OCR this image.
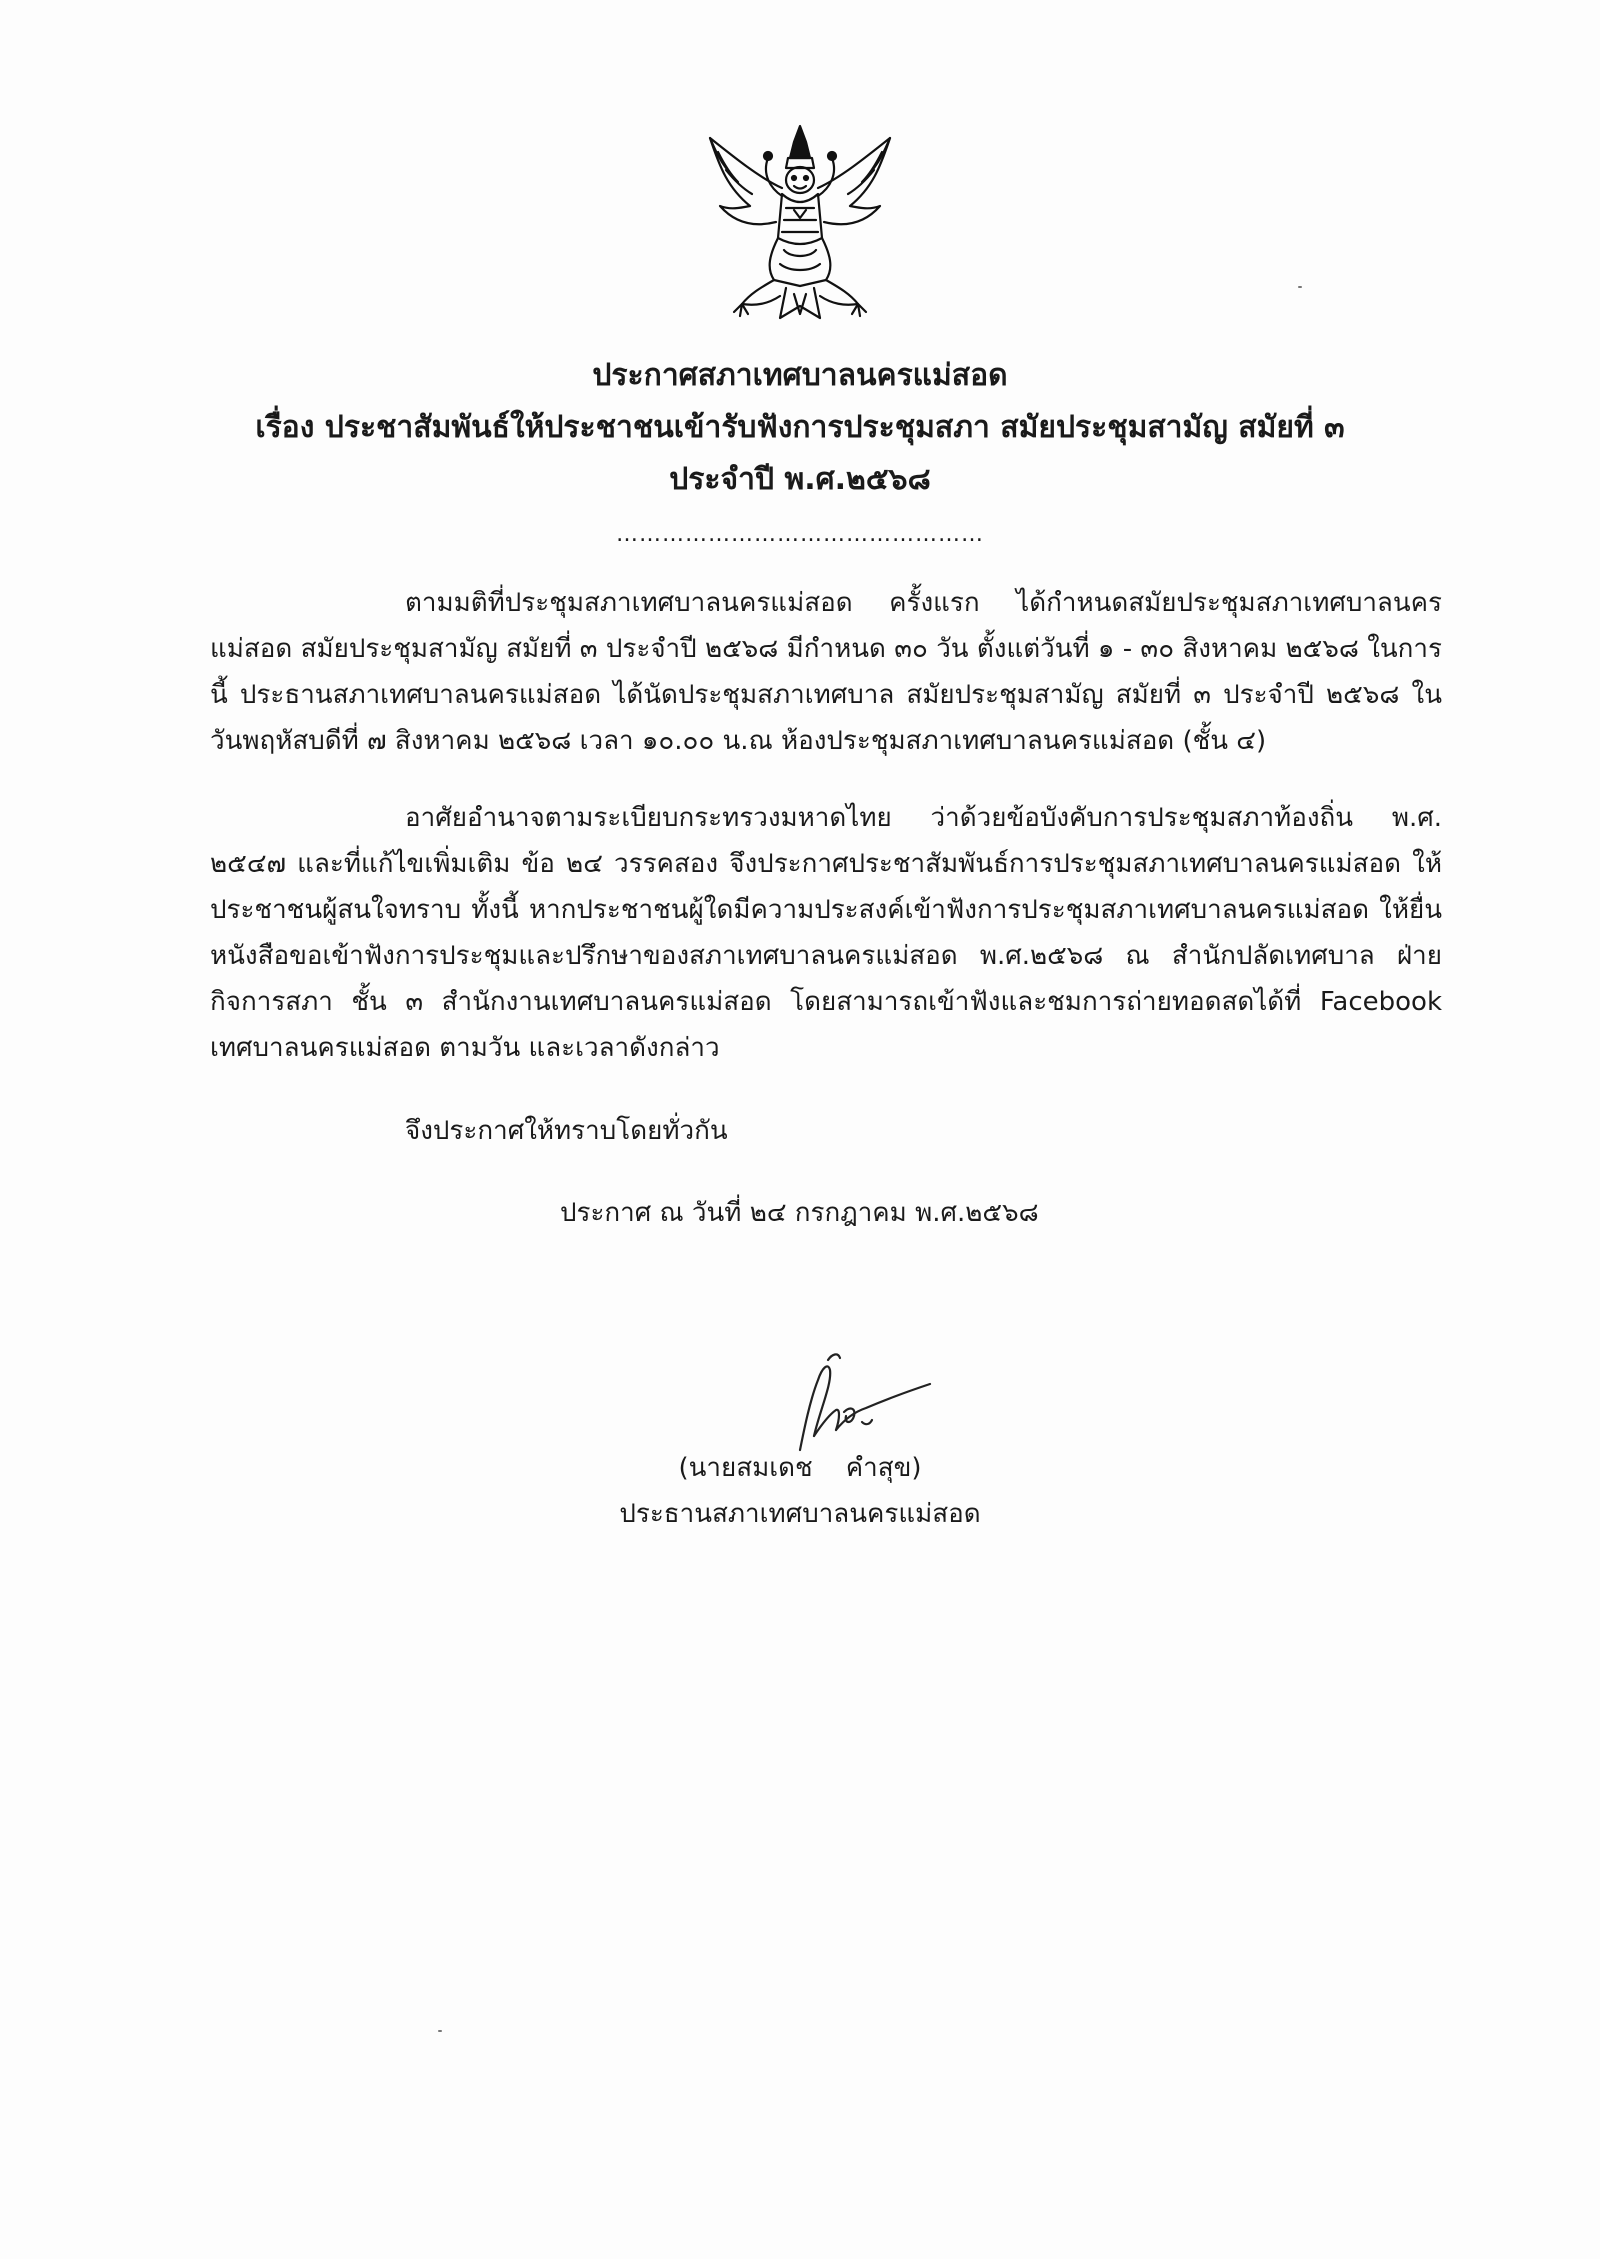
ประกาศสภาเทศบาลนครแม่สอด
เรื่อง ประชาสัมพันธ์ให้ประชาชนเข้ารับฟังการประชุมสภา สมัยประชุมสามัญ สมัยที่ ๓
ประจำปี พ.ศ.๒๕๖๘
…………………………………………
ตามมติที่ประชุมสภาเทศบาลนครแม่สอด ครั้งแรก ได้กำหนดสมัยประชุมสภาเทศบาลนครแม่สอด สมัยประชุมสามัญ สมัยที่ ๓ ประจำปี ๒๕๖๘ มีกำหนด ๓๐ วัน ตั้งแต่วันที่ ๑ - ๓๐ สิงหาคม ๒๕๖๘ ในการนี้ ประธานสภาเทศบาลนครแม่สอด ได้นัดประชุมสภาเทศบาล สมัยประชุมสามัญ สมัยที่ ๓ ประจำปี ๒๕๖๘ ในวันพฤหัสบดีที่ ๗ สิงหาคม ๒๕๖๘ เวลา ๑๐.๐๐ น.ณ ห้องประชุมสภาเทศบาลนครแม่สอด (ชั้น ๔)
อาศัยอำนาจตามระเบียบกระทรวงมหาดไทย ว่าด้วยข้อบังคับการประชุมสภาท้องถิ่น พ.ศ. ๒๕๔๗ และที่แก้ไขเพิ่มเติม ข้อ ๒๔ วรรคสอง จึงประกาศประชาสัมพันธ์การประชุมสภาเทศบาลนครแม่สอด ให้ประชาชนผู้สนใจทราบ ทั้งนี้ หากประชาชนผู้ใดมีความประสงค์เข้าฟังการประชุมสภาเทศบาลนครแม่สอด ให้ยื่นหนังสือขอเข้าฟังการประชุมและปรึกษาของสภาเทศบาลนครแม่สอด พ.ศ.๒๕๖๘ ณ สำนักปลัดเทศบาล ฝ่ายกิจการสภา ชั้น ๓ สำนักงานเทศบาลนครแม่สอด โดยสามารถเข้าฟังและชมการถ่ายทอดสดได้ที่ Facebook เทศบาลนครแม่สอด ตามวัน และเวลาดังกล่าว
จึงประกาศให้ทราบโดยทั่วกัน
ประกาศ ณ วันที่ ๒๔ กรกฎาคม พ.ศ.๒๕๖๘
(นายสมเดช    คำสุข)
ประธานสภาเทศบาลนครแม่สอด
